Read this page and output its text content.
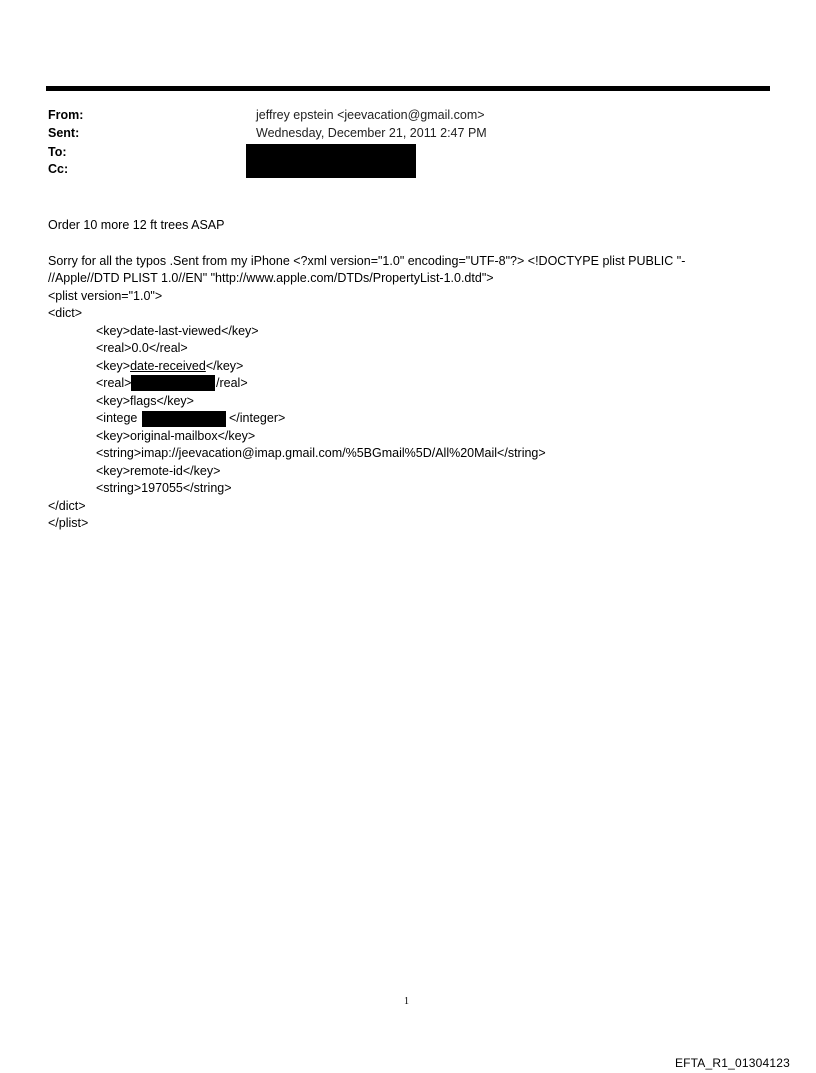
From:	jeffrey epstein <jeevacation@gmail.com>
Sent:	Wednesday, December 21, 2011 2:47 PM
To:
Cc:
Order 10 more 12 ft trees ASAP
Sorry for all the typos .Sent from my iPhone <?xml version="1.0" encoding="UTF-8"?> <!DOCTYPE plist PUBLIC "-
//Apple//DTD PLIST 1.0//EN" "http://www.apple.com/DTDs/PropertyList-1.0.dtd">
<plist version="1.0">
<dict>
<key>date-last-viewed</key>
<real>0.0</real>
<key>date-received</key>
<real>	/real>
<key>flags</key>
<intege	</integer>
<key>original-mailbox</key>
<string>imap://jeevacation@imap.gmail.com/%5BGmail%5D/All%20Mail</string>
<key>remote-id</key>
<string>197055</string>
</dict>
</plist>
1
EFTA_R1_01304123
